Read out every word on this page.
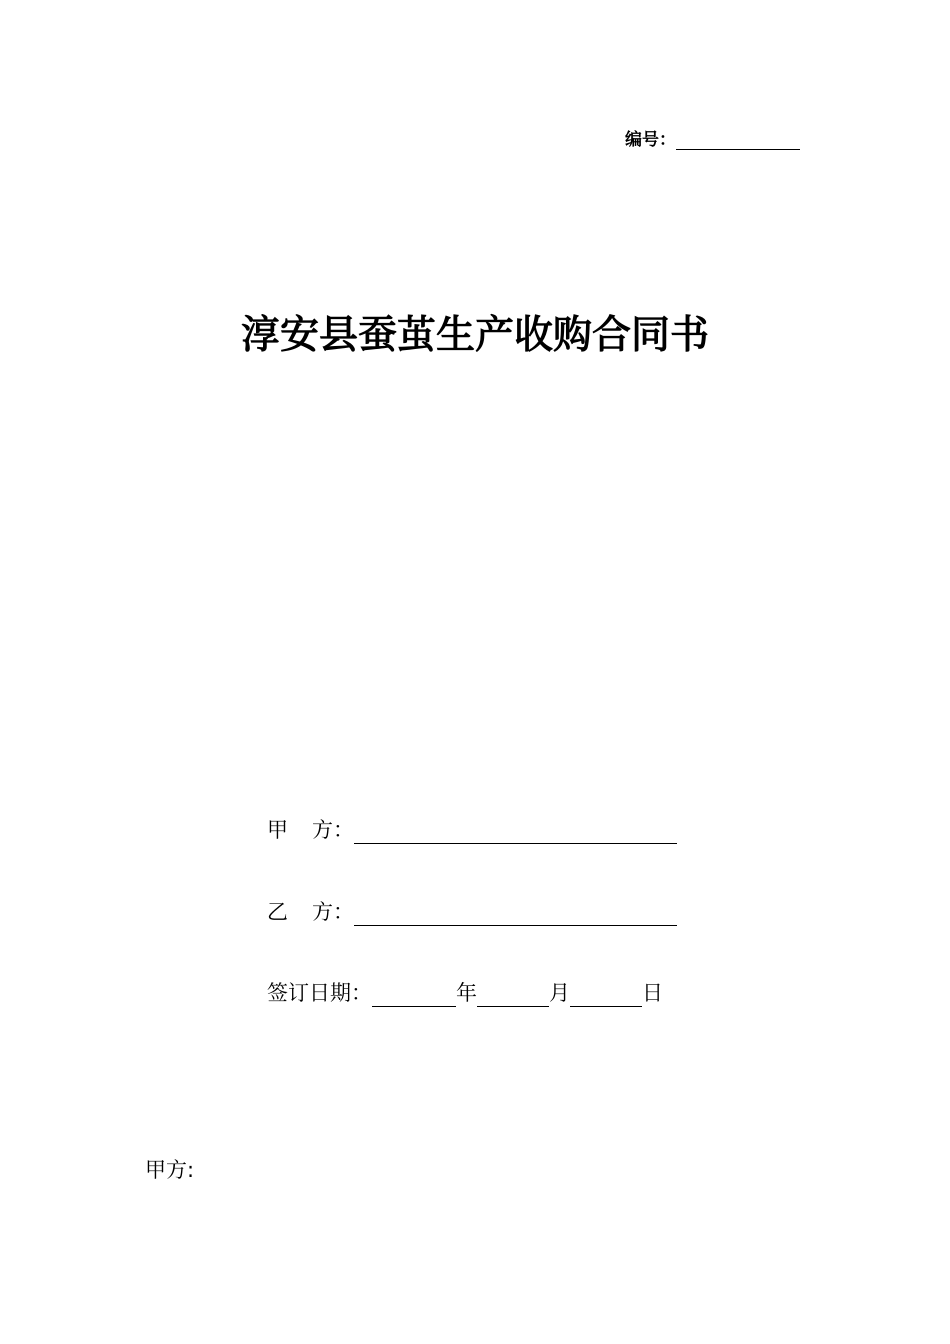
编号：
淳安县蚕茧生产收购合同书
甲 方：
乙 方：
签订日期：	年	月	日
甲方:
